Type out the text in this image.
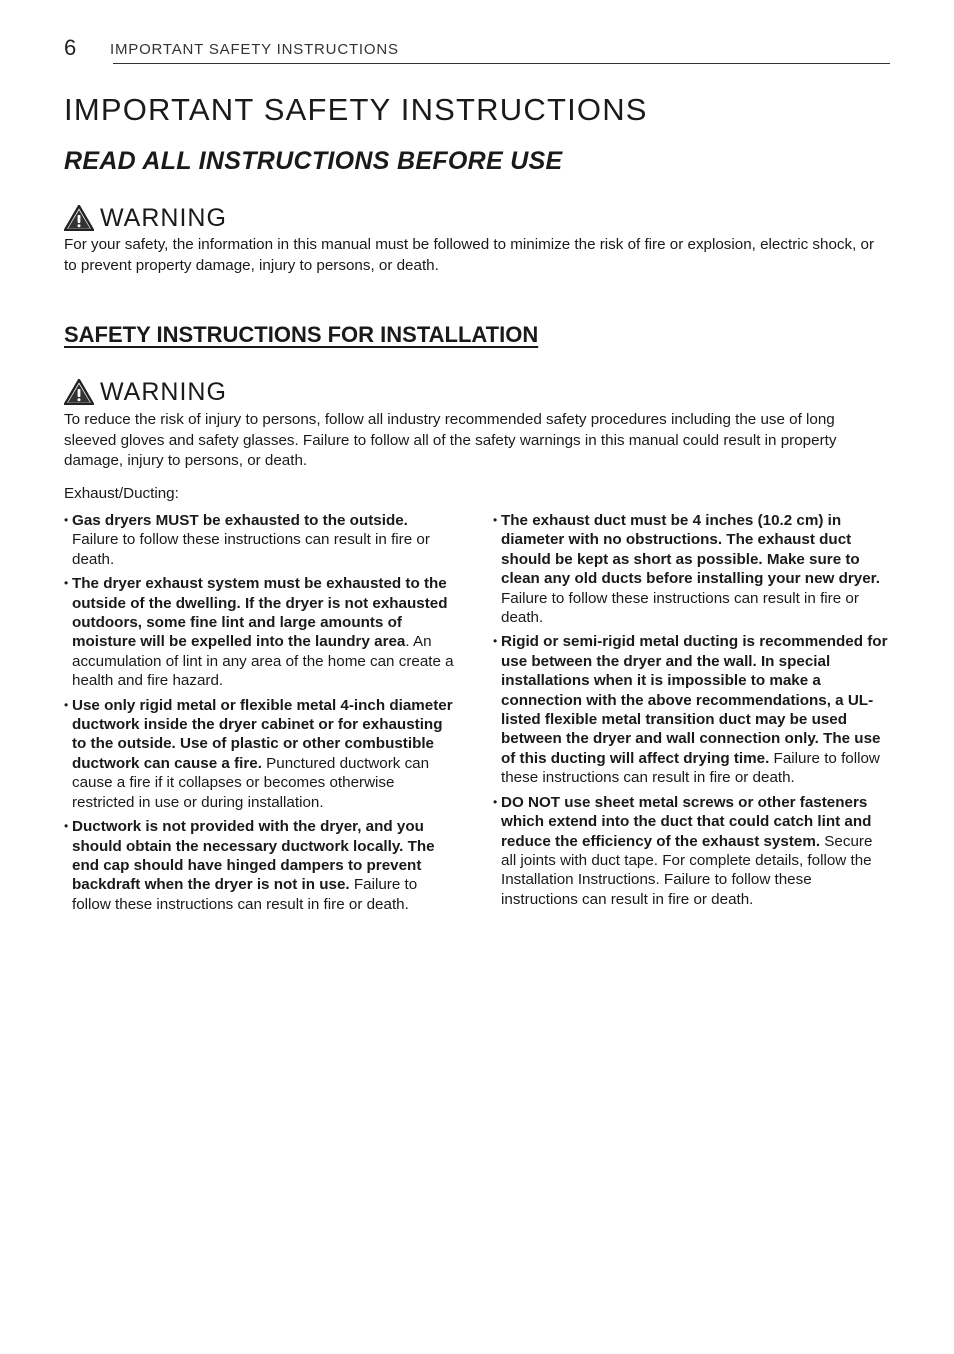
6 IMPORTANT SAFETY INSTRUCTIONS
IMPORTANT SAFETY INSTRUCTIONS
READ ALL INSTRUCTIONS BEFORE USE
WARNING

For your safety, the information in this manual must be followed to minimize the risk of fire or explosion, electric shock, or to prevent property damage, injury to persons, or death.

SAFETY INSTRUCTIONS FOR INSTALLATION
WARNING

To reduce the risk of injury to persons, follow all industry recommended safety procedures including the use of long sleeved gloves and safety glasses. Failure to follow all of the safety warnings in this manual could result in property damage, injury to persons, or death.

Exhaust/Ducting:

• Gas dryers MUST be exhausted to the outside. Failure to follow these instructions can result in fire or death.
• The dryer exhaust system must be exhausted to the outside of the dwelling. If the dryer is not exhausted outdoors, some fine lint and large amounts of moisture will be expelled into the laundry area. An accumulation of lint in any area of the home can create a health and fire hazard.
• Use only rigid metal or flexible metal 4-inch diameter ductwork inside the dryer cabinet or for exhausting to the outside. Use of plastic or other combustible ductwork can cause a fire. Punctured ductwork can cause a fire if it collapses or becomes otherwise restricted in use or during installation.
• Ductwork is not provided with the dryer, and you should obtain the necessary ductwork locally. The end cap should have hinged dampers to prevent backdraft when the dryer is not in use. Failure to follow these instructions can result in fire or death.
• The exhaust duct must be 4 inches (10.2 cm) in diameter with no obstructions. The exhaust duct should be kept as short as possible. Make sure to clean any old ducts before installing your new dryer. Failure to follow these instructions can result in fire or death.
• Rigid or semi-rigid metal ducting is recommended for use between the dryer and the wall. In special installations when it is impossible to make a connection with the above recommendations, a UL-listed flexible metal transition duct may be used between the dryer and wall connection only. The use of this ducting will affect drying time. Failure to follow these instructions can result in fire or death.
• DO NOT use sheet metal screws or other fasteners which extend into the duct that could catch lint and reduce the efficiency of the exhaust system. Secure all joints with duct tape. For complete details, follow the Installation Instructions. Failure to follow these instructions can result in fire or death.
